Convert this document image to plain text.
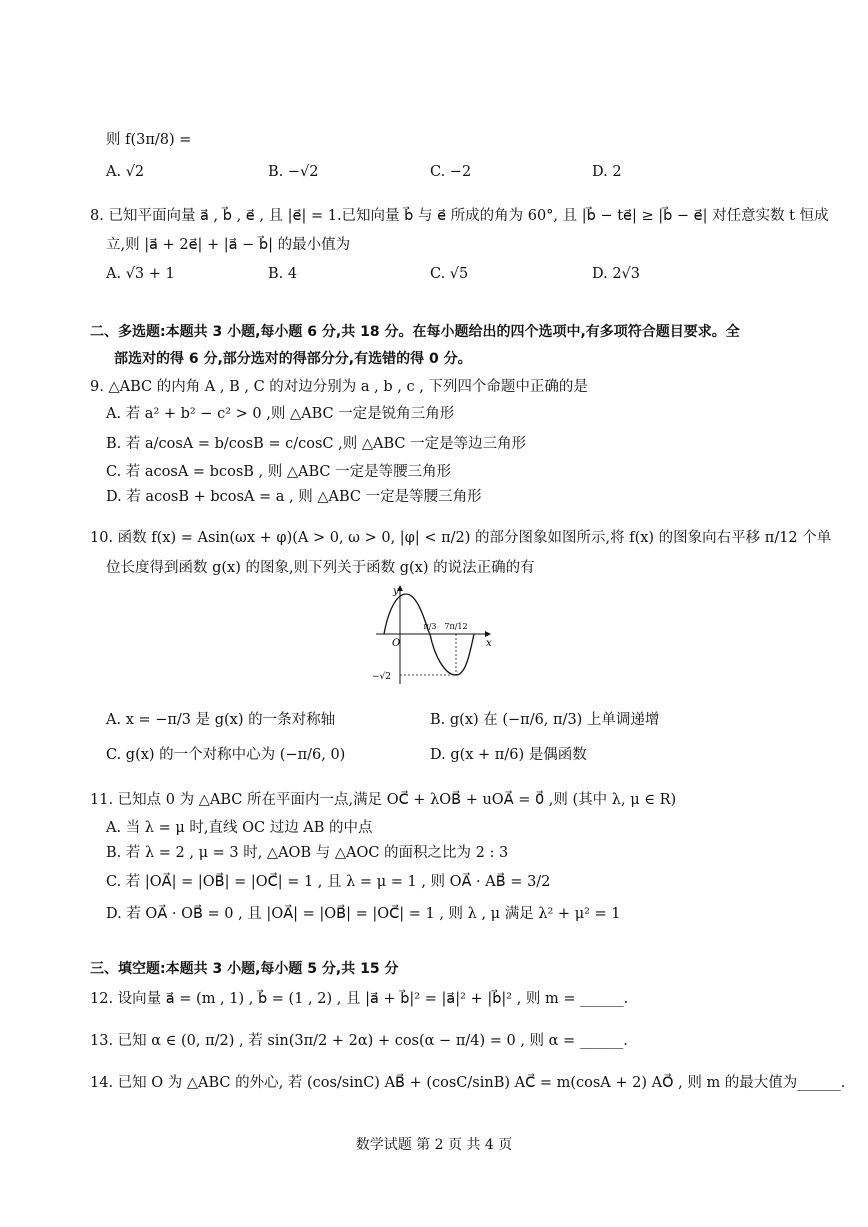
则 f(3π/8) =
A. √2	B. −√2	C. −2	D. 2
8. 已知平面向量 a⃗ , b⃗ , e⃗ , 且 |e⃗| = 1.已知向量 b⃗ 与 e⃗ 所成的角为 60°, 且 |b⃗ − te⃗| ≥ |b⃗ − e⃗| 对任意实数 t 恒成
立,则 |a⃗ + 2e⃗| + |a⃗ − b⃗| 的最小值为
A. √3 + 1	B. 4	C. √5	D. 2√3
二、多选题:本题共 3 小题,每小题 6 分,共 18 分。在每小题给出的四个选项中,有多项符合题目要求。全
部选对的得 6 分,部分选对的得部分分,有选错的得 0 分。
9. △ABC 的内角 A , B , C 的对边分别为 a , b , c , 下列四个命题中正确的是
A. 若 a² + b² − c² > 0 ,则 △ABC 一定是锐角三角形
B. 若 a/cosA = b/cosB = c/cosC ,则 △ABC 一定是等边三角形
C. 若 acosA = bcosB , 则 △ABC 一定是等腰三角形
D. 若 acosB + bcosA = a , 则 △ABC 一定是等腰三角形
10. 函数 f(x) = Asin(ωx + φ)(A > 0, ω > 0, |φ| < π/2) 的部分图象如图所示,将 f(x) 的图象向右平移 π/12 个单
位长度得到函数 g(x) 的图象,则下列关于函数 g(x) 的说法正确的有
y
x
O
π/3 7π/12
−√2
A. x = −π/3 是 g(x) 的一条对称轴	B. g(x) 在 (−π/6, π/3) 上单调递增
C. g(x) 的一个对称中心为 (−π/6, 0)	D. g(x + π/6) 是偶函数
11. 已知点 0 为 △ABC 所在平面内一点,满足 OC⃗ + λOB⃗ + uOA⃗ = 0⃗ ,则 (其中 λ, μ ∈ R)
A. 当 λ = μ 时,直线 OC 过边 AB 的中点
B. 若 λ = 2 , μ = 3 时, △AOB 与 △AOC 的面积之比为 2 : 3
C. 若 |OA⃗| = |OB⃗| = |OC⃗| = 1 , 且 λ = μ = 1 , 则 OA⃗ · AB⃗ = 3/2
D. 若 OA⃗ · OB⃗ = 0 , 且 |OA⃗| = |OB⃗| = |OC⃗| = 1 , 则 λ , μ 满足 λ² + μ² = 1
三、填空题:本题共 3 小题,每小题 5 分,共 15 分
12. 设向量 a⃗ = (m , 1) , b⃗ = (1 , 2) , 且 |a⃗ + b⃗|² = |a⃗|² + |b⃗|² , 则 m = ______.
13. 已知 α ∈ (0, π/2) , 若 sin(3π/2 + 2α) + cos(α − π/4) = 0 , 则 α = ______.
14. 已知 O 为 △ABC 的外心, 若 (cos/sinC) AB⃗ + (cosC/sinB) AC⃗ = m(cosA + 2) AO⃗ , 则 m 的最大值为______.
数学试题 第 2 页 共 4 页
